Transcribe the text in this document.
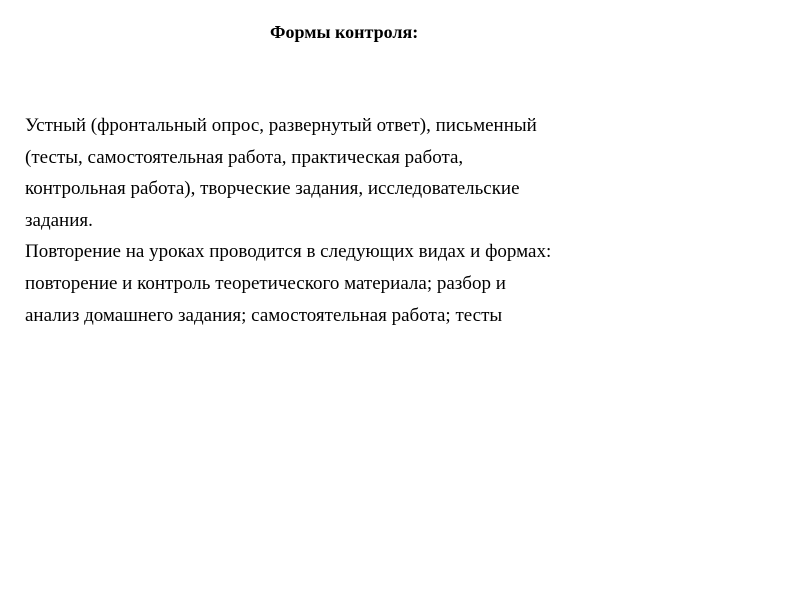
Формы контроля:

Устный (фронтальный опрос, развернутый ответ), письменный
(тесты, самостоятельная работа, практическая работа,
контрольная работа), творческие задания, исследовательские
задания.

Повторение на уроках проводится в следующих видах и формах:
повторение и контроль теоретического материала; разбор и
анализ домашнего задания; самостоятельная работа; тесты
